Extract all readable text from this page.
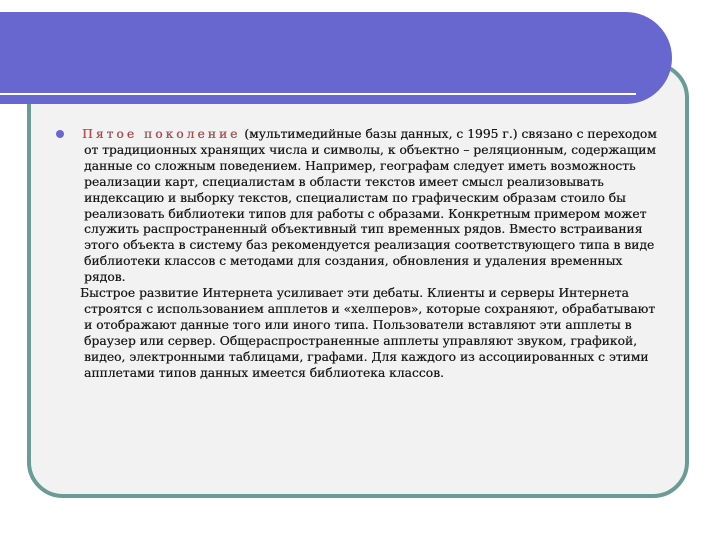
Пятое поколение (мультимедийные базы данных, с 1995 г.) связано с переходом от традиционных хранящих числа и символы, к объектно – реляционным, содержащим данные со сложным поведением. Например, географам следует иметь возможность реализации карт, специалистам в области текстов имеет смысл реализовывать индексацию и выборку текстов, специалистам по графическим образам стоило бы реализовать библиотеки типов для работы с образами. Конкретным примером может служить распространенный объективный тип временных рядов. Вместо встраивания этого объекта в систему баз рекомендуется реализация соответствующего типа в виде библиотеки классов с методами для создания, обновления и удаления временных рядов.

Быстрое развитие Интернета усиливает эти дебаты. Клиенты и серверы Интернета строятся с использованием апплетов и «хелперов», которые сохраняют, обрабатывают и отображают данные того или иного типа. Пользователи вставляют эти апплеты в браузер или сервер. Общераспространенные апплеты управляют звуком, графикой, видео, электронными таблицами, графами. Для каждого из ассоциированных с этими апплетами типов данных имеется библиотека классов.
